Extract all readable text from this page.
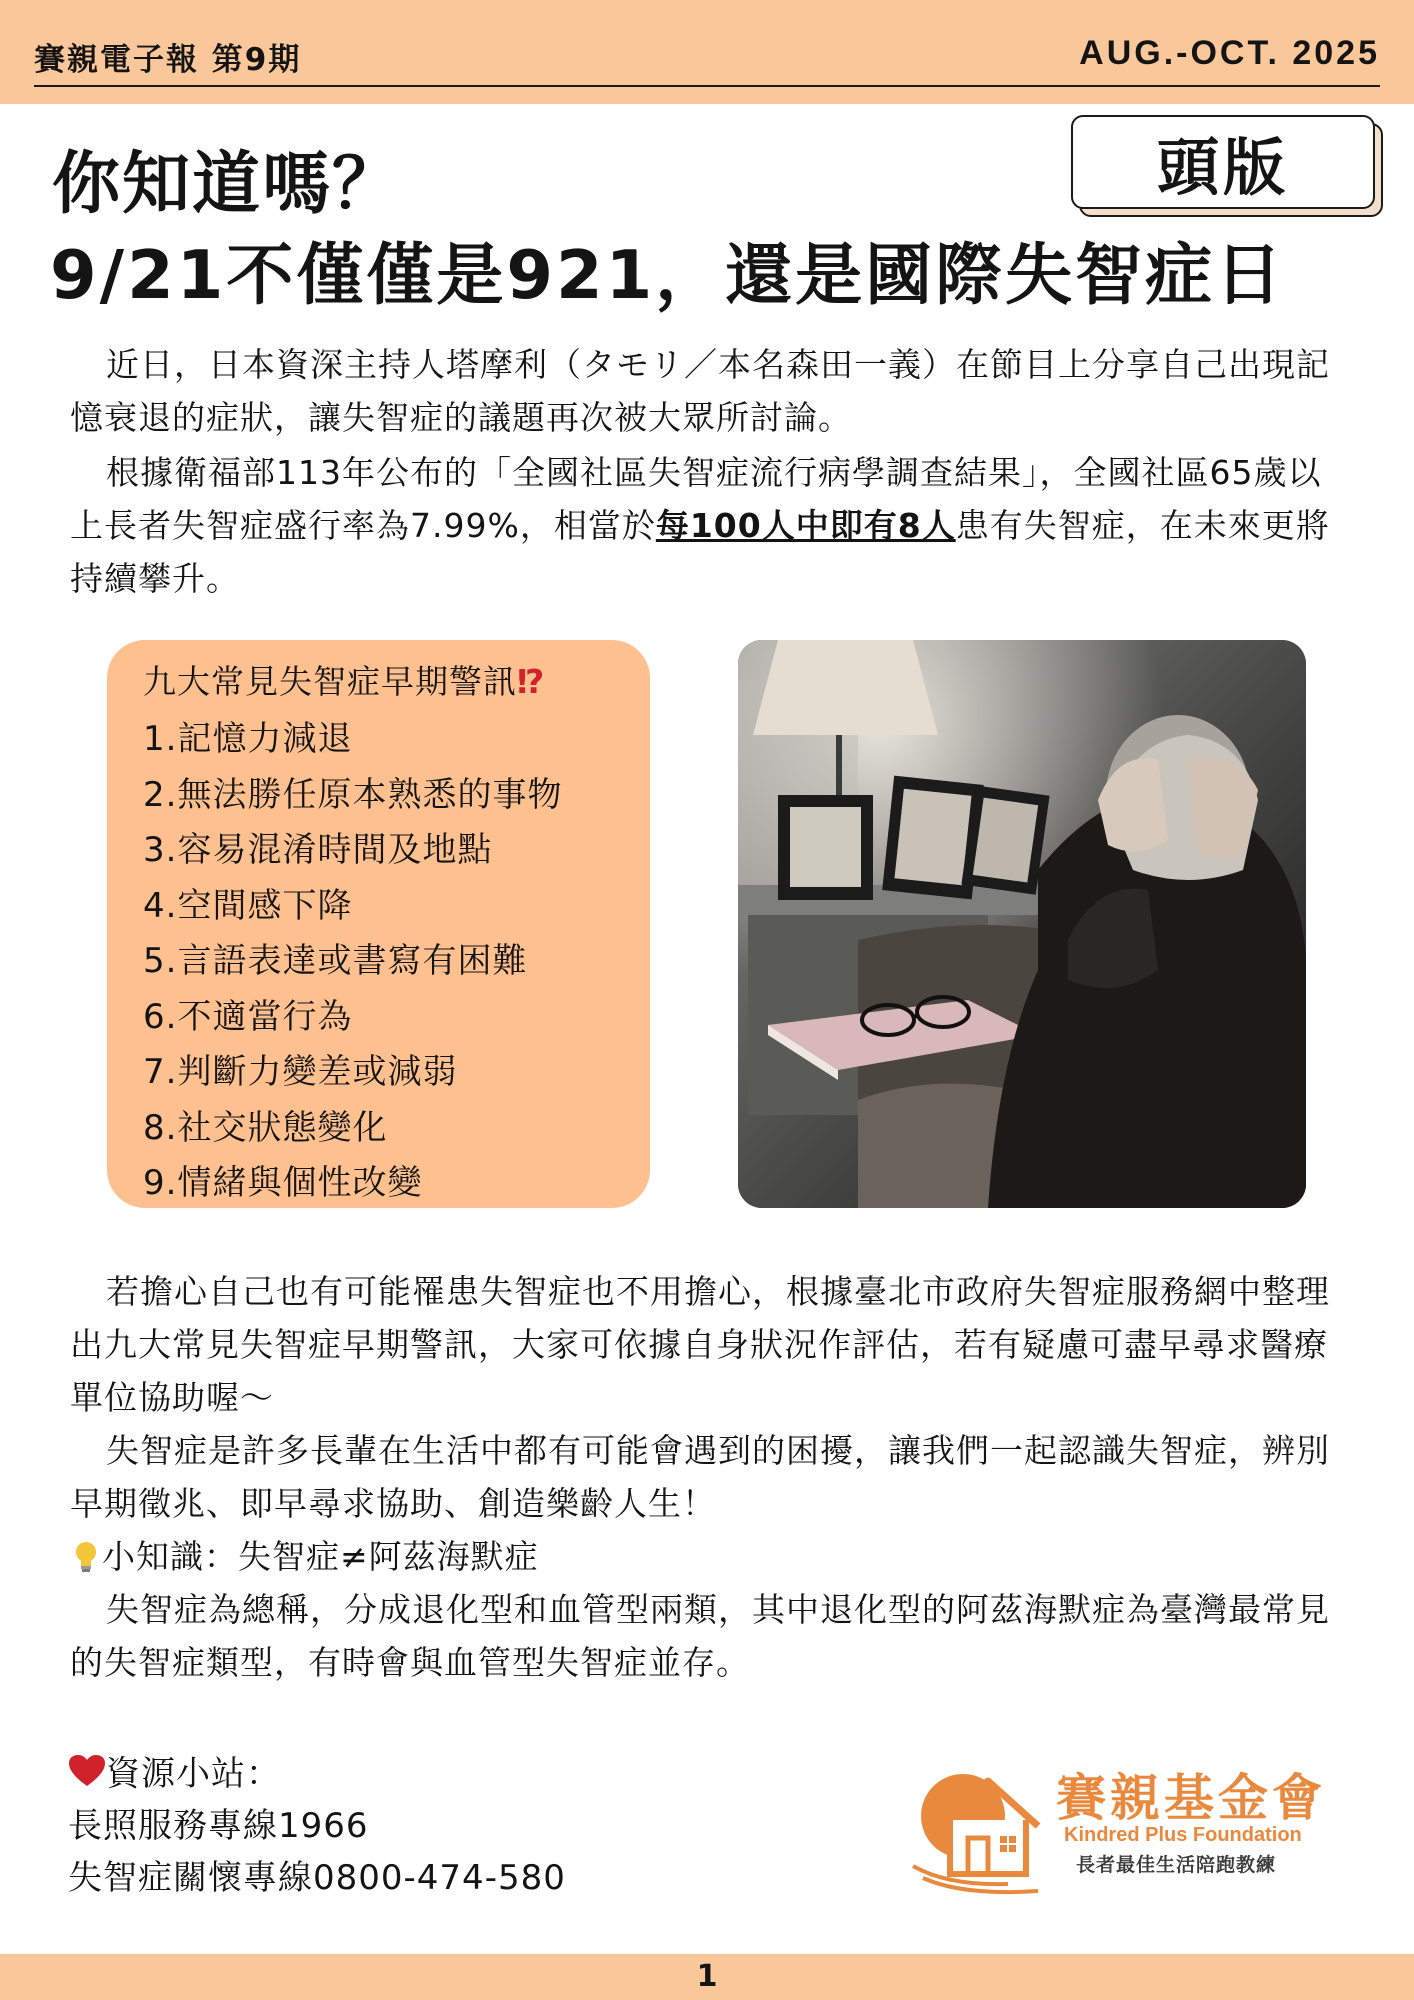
賽親電子報 第9期	AUG.-OCT. 2025
你知道嗎？	頭版
9/21不僅僅是921，還是國際失智症日
近日，日本資深主持人塔摩利（タモリ／本名森田一義）在節目上分享自己出現記憶衰退的症狀，讓失智症的議題再次被大眾所討論。
根據衛福部113年公布的「全國社區失智症流行病學調查結果」，全國社區65歲以上長者失智症盛行率為7.99%，相當於每100人中即有8人患有失智症，在未來更將持續攀升。
九大常見失智症早期警訊⁉
1.記憶力減退
2.無法勝任原本熟悉的事物
3.容易混淆時間及地點
4.空間感下降
5.言語表達或書寫有困難
6.不適當行為
7.判斷力變差或減弱
8.社交狀態變化
9.情緒與個性改變
若擔心自己也有可能罹患失智症也不用擔心，根據臺北市政府失智症服務網中整理出九大常見失智症早期警訊，大家可依據自身狀況作評估，若有疑慮可盡早尋求醫療單位協助喔～
失智症是許多長輩在生活中都有可能會遇到的困擾，讓我們一起認識失智症，辨別早期徵兆、即早尋求協助、創造樂齡人生！
小知識：失智症≠阿茲海默症
失智症為總稱，分成退化型和血管型兩類，其中退化型的阿茲海默症為臺灣最常見的失智症類型，有時會與血管型失智症並存。
資源小站：
長照服務專線1966
失智症關懷專線0800-474-580
賽親基金會
Kindred Plus Foundation
長者最佳生活陪跑教練
1
